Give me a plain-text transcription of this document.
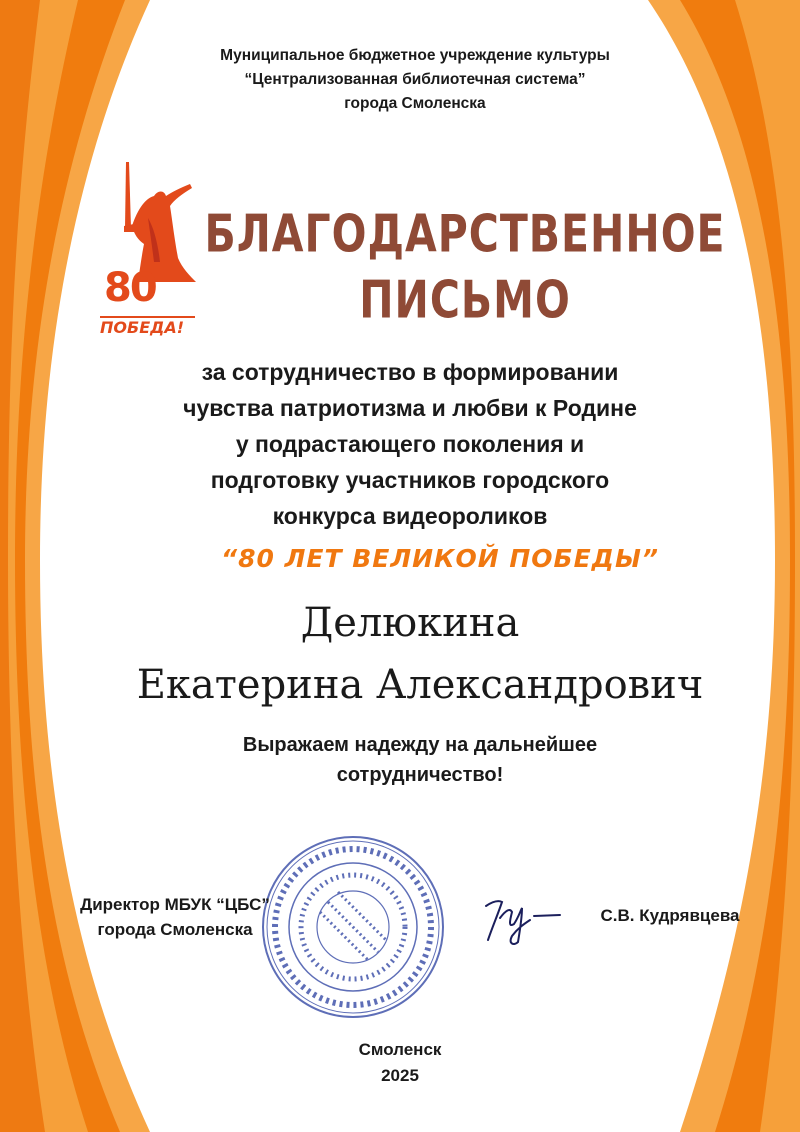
Муниципальное бюджетное учреждение культуры
“Централизованная библиотечная система”
города Смоленска
80
ПОБЕДА!
БЛАГОДАРСТВЕННОЕ
ПИСЬМО
за сотрудничество в формировании
чувства патриотизма и любви к Родине
у подрастающего поколения и
подготовку участников городского
конкурса видеороликов
“80 ЛЕТ ВЕЛИКОЙ ПОБЕДЫ”
Делюкина
Екатерина Александрович
Выражаем надежду на дальнейшее
сотрудничество!
Директор МБУК “ЦБС”
города Смоленска
С.В. Кудрявцева
Смоленск
2025
